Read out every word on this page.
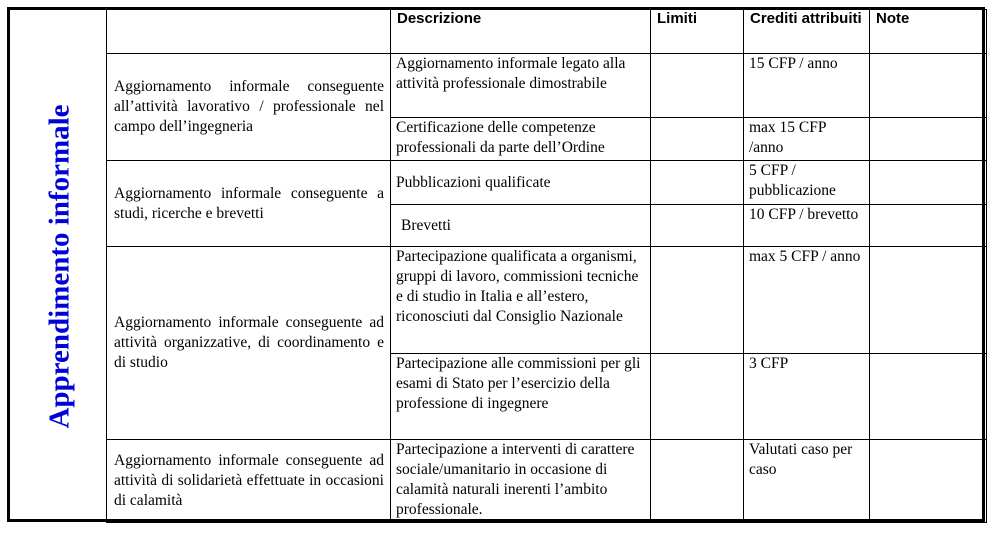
Apprendimento informale
	Descrizione	Limiti	Crediti attribuiti	Note
Aggiornamento informale conseguente all’attività lavorativo / professionale nel campo dell’ingegneria	Aggiornamento informale legato alla attività professionale dimostrabile		15 CFP / anno	
	Certificazione delle competenze professionali da parte dell’Ordine		max 15 CFP /anno	
Aggiornamento informale conseguente a studi, ricerche e brevetti	Pubblicazioni qualificate		5 CFP / pubblicazione	
	Brevetti		10 CFP / brevetto	
Aggiornamento informale conseguente ad attività organizzative, di coordinamento e di studio	Partecipazione qualificata a organismi, gruppi di lavoro, commissioni tecniche e di studio in Italia e all’estero, riconosciuti dal Consiglio Nazionale		max 5 CFP / anno	
	Partecipazione alle commissioni per gli esami di Stato per l’esercizio della professione di ingegnere		3 CFP	
Aggiornamento informale conseguente ad attività di solidarietà effettuate in occasioni di calamità	Partecipazione a interventi di carattere sociale/umanitario in occasione di calamità naturali inerenti l’ambito professionale.		Valutati caso per caso	
